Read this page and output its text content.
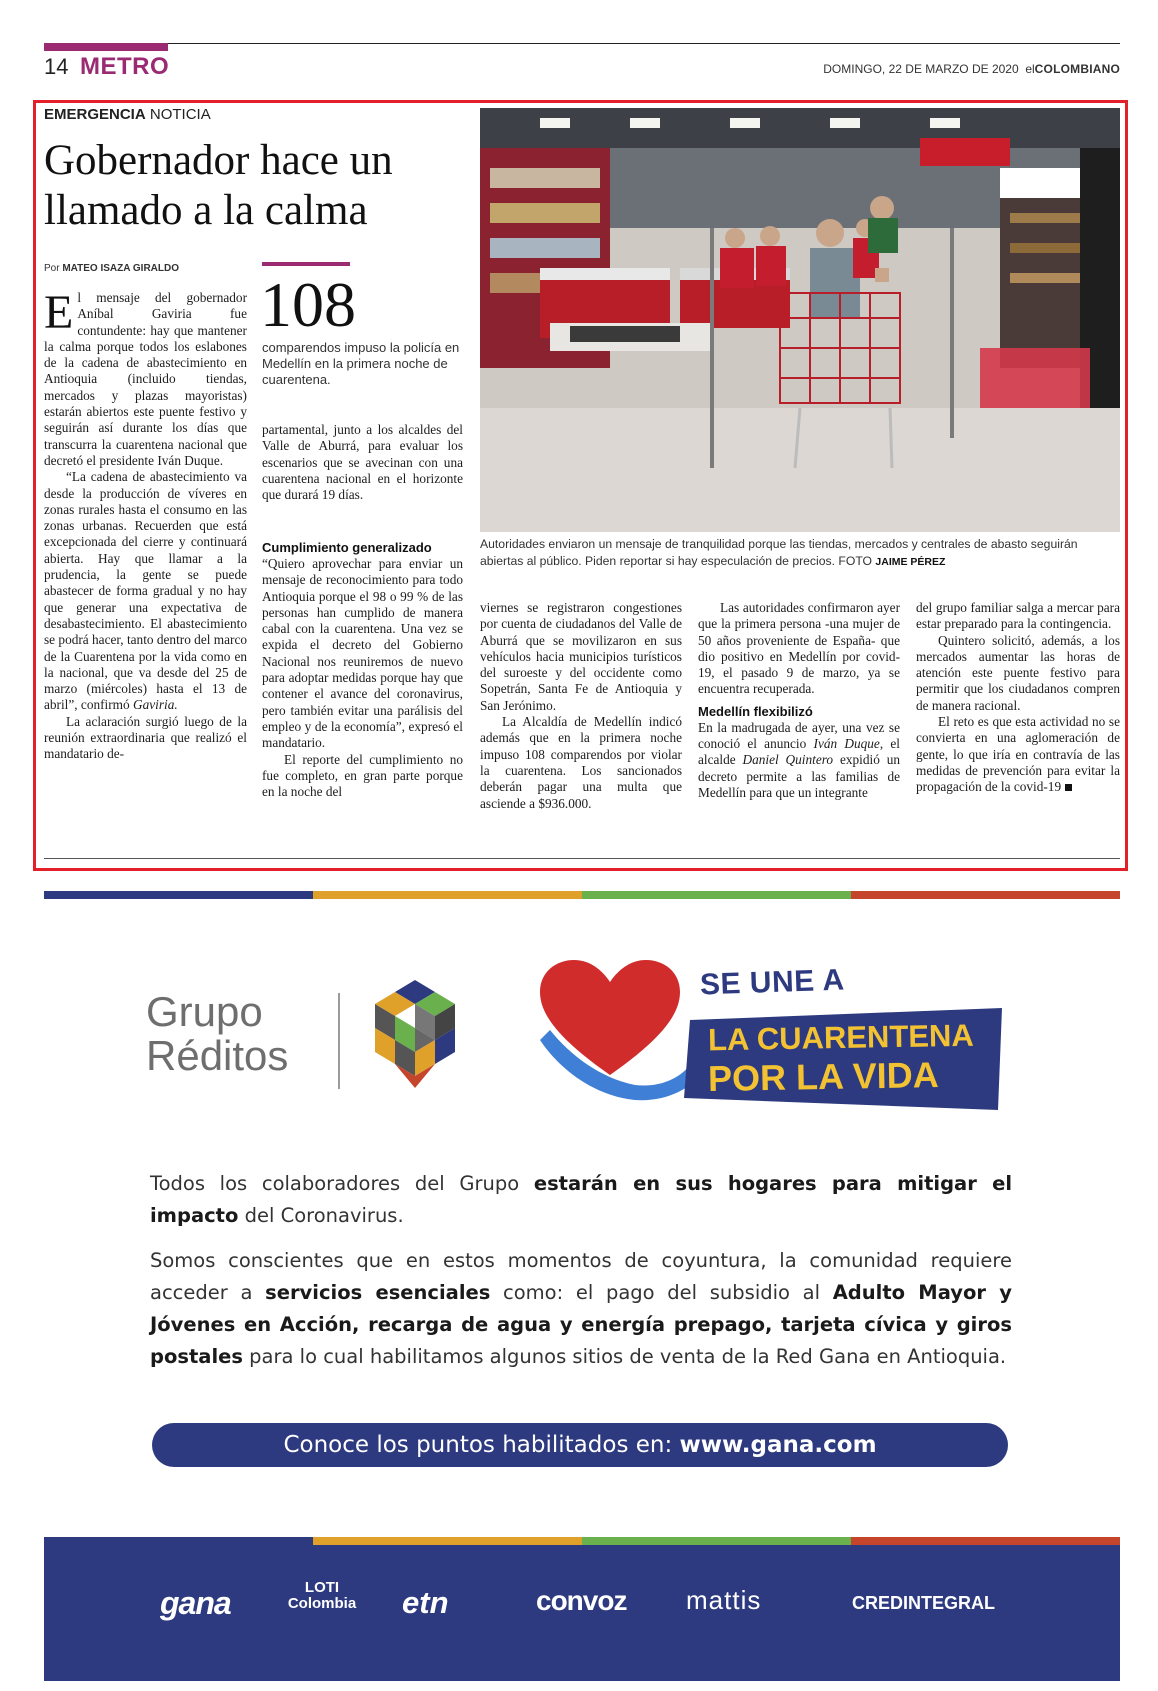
14 METRO	DOMINGO, 22 DE MARZO DE 2020 elCOLOMBIANO
EMERGENCIA NOTICIA
Gobernador hace un llamado a la calma
Por MATEO ISAZA GIRALDO

El mensaje del gobernador Aníbal Gaviria fue contundente: hay que mantener la calma porque todos los eslabones de la cadena de abastecimiento en Antioquia (incluido tiendas, mercados y plazas mayoristas) estarán abiertos este puente festivo y seguirán así durante los días que transcurra la cuarentena nacional que decretó el presidente Iván Duque.

“La cadena de abastecimiento va desde la producción de víveres en zonas rurales hasta el consumo en las zonas urbanas. Recuerden que está excepcionada del cierre y continuará abierta. Hay que llamar a la prudencia, la gente se puede abastecer de forma gradual y no hay que generar una expectativa de desabastecimiento. El abastecimiento se podrá hacer, tanto dentro del marco de la Cuarentena por la vida como en la nacional, que va desde del 25 de marzo (miércoles) hasta el 13 de abril”, confirmó Gaviria.

La aclaración surgió luego de la reunión extraordinaria que realizó el mandatario de-

108
comparendos impuso la policía en Medellín en la primera noche de cuarentena.

partamental, junto a los alcaldes del Valle de Aburrá, para evaluar los escenarios que se avecinan con una cuarentena nacional en el horizonte que durará 19 días.

Cumplimiento generalizado

“Quiero aprovechar para enviar un mensaje de reconocimiento para todo Antioquia porque el 98 o 99 % de las personas han cumplido de manera cabal con la cuarentena. Una vez se expida el decreto del Gobierno Nacional nos reuniremos de nuevo para adoptar medidas porque hay que contener el avance del coronavirus, pero también evitar una parálisis del empleo y de la economía”, expresó el mandatario.

El reporte del cumplimiento no fue completo, en gran parte porque en la noche del

Autoridades enviaron un mensaje de tranquilidad porque las tiendas, mercados y centrales de abasto seguirán abiertas al público. Piden reportar si hay especulación de precios. FOTO JAIME PÉREZ

viernes se registraron congestiones por cuenta de ciudadanos del Valle de Aburrá que se movilizaron en sus vehículos hacia municipios turísticos del suroeste y del occidente como Sopetrán, Santa Fe de Antioquia y San Jerónimo.

La Alcaldía de Medellín indicó además que en la primera noche impuso 108 comparendos por violar la cuarentena. Los sancionados deberán pagar una multa que asciende a $936.000.

Las autoridades confirmaron ayer que la primera persona -una mujer de 50 años proveniente de España- que dio positivo en Medellín por covid-19, el pasado 9 de marzo, ya se encuentra recuperada.

Medellín flexibilizó

En la madrugada de ayer, una vez se conoció el anuncio Iván Duque, el alcalde Daniel Quintero expidió un decreto permite a las familias de Medellín para que un integrante

del grupo familiar salga a mercar para estar preparado para la contingencia.

Quintero solicitó, además, a los mercados aumentar las horas de atención este puente festivo para permitir que los ciudadanos compren de manera racional.

El reto es que esta actividad no se convierta en una aglomeración de gente, lo que iría en contravía de las medidas de prevención para evitar la propagación de la covid-19

Grupo
Réditos
SE UNE A
LA CUARENTENA
POR LA VIDA
Todos los colaboradores del Grupo estarán en sus hogares para mitigar el impacto del Coronavirus.
Somos conscientes que en estos momentos de coyuntura, la comunidad requiere acceder a servicios esenciales como: el pago del subsidio al Adulto Mayor y Jóvenes en Acción, recarga de agua y energía prepago, tarjeta cívica y giros postales para lo cual habilitamos algunos sitios de venta de la Red Gana en Antioquia.
Conoce los puntos habilitados en: www.gana.com
gana	LOTI Colombia etn	convoz mattis	CREDINTEGRAL
